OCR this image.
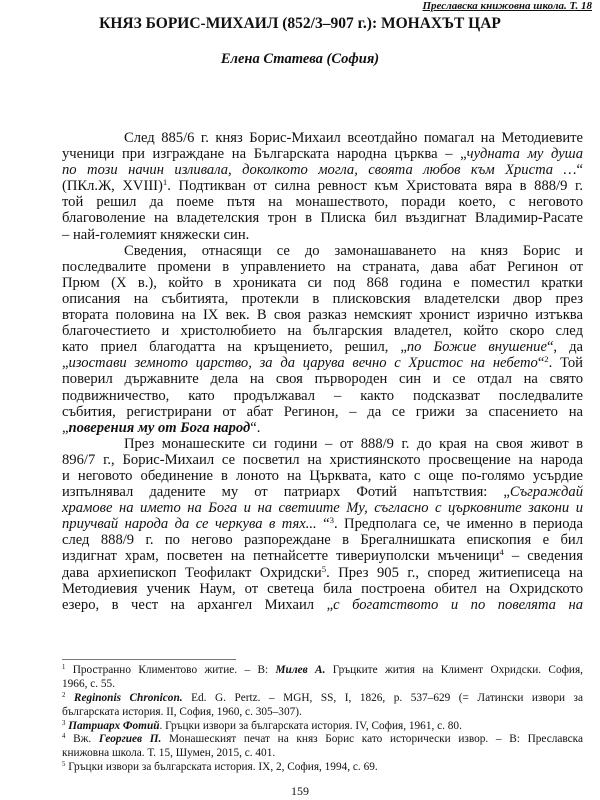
Преславска книжовна школа. Т. 18
КНЯЗ БОРИС-МИХАИЛ (852/3–907 г.): МОНАХЪТ ЦАР
Елена Статева (София)
След 885/6 г. княз Борис-Михаил всеотдайно помагал на Методиевите
ученици при изграждане на Българската народна църква – „чудната му душа
по този начин изливала, доколкото могла, своята любов към Христа …“
(ПКл.Ж, XVIII)$^1$. Подтикван от силна ревност към Христовата вяра в 888/9 г.
той решил да поеме пътя на монашеството, поради което, с неговото
благоволение на владетелския трон в Плиска бил въздигнат Владимир-Расате
– най-големият княжески син.
Сведения, отнасящи се до замонашаването на княз Борис и
последвалите промени в управлението на страната, дава абат Регинон от
Прюм (X в.), който в хрониката си под 868 година е поместил кратки
описания на събитията, протекли в плисковския владетелски двор през
втората половина на IX век. В своя разказ немският хронист изрично изтъква
благочестието и христолюбието на българския владетел, който скоро след
като приел благодатта на кръщението, решил, „по Божие внушение“, да
„изостави земното царство, за да царува вечно с Христос на небето“$^2$. Той
поверил държавните дела на своя първороден син и се отдал на свято
подвижничество, като продължавал – както подсказват последвалите
събития, регистрирани от абат Регинон, – да се грижи за спасението на
„поверения му от Бога народ“.
През монашеските си години – от 888/9 г. до края на своя живот в
896/7 г., Борис-Михаил се посветил на християнското просвещение на народа
и неговото обединение в лоното на Църквата, като с още по-голямо усърдие
изпълнявал дадените му от патриарх Фотий напътствия: „Съграждай
храмове на името на Бога и на светиите Му, съгласно с църковните закони и
приучвай народа да се черкува в тях... “$^3$. Предполага се, че именно в периода
след 888/9 г. по негово разпореждане в Брегалнишката епископия е бил
издигнат храм, посветен на петнайсетте тивериуполски мъченици$^4$ – сведения
дава архиепископ Теофилакт Охридски$^5$. През 905 г., според житиеписеца на
Методиевия ученик Наум, от светеца била построена обител на Охридското
езеро, в чест на архангел Михаил „с богатството и по повелята на
$^1$ Пространно Климентово житие. – В: Милев А. Гръцките жития на Климент Охридски. София,
1966, с. 55.
$^2$ Reginonis Chronicon. Ed. G. Pertz. – MGH, SS, I, 1826, p. 537–629 (= Латински извори за
българската история. II, София, 1960, с. 305–307).
$^3$ Патриарх Фотий. Гръцки извори за българската история. IV, София, 1961, с. 80.
$^4$ Вж. Георгиев П. Монашеският печат на княз Борис като исторически извор. – В: Преславска
книжовна школа. Т. 15, Шумен, 2015, с. 401.
$^5$ Гръцки извори за българската история. IX, 2, София, 1994, с. 69.
159
